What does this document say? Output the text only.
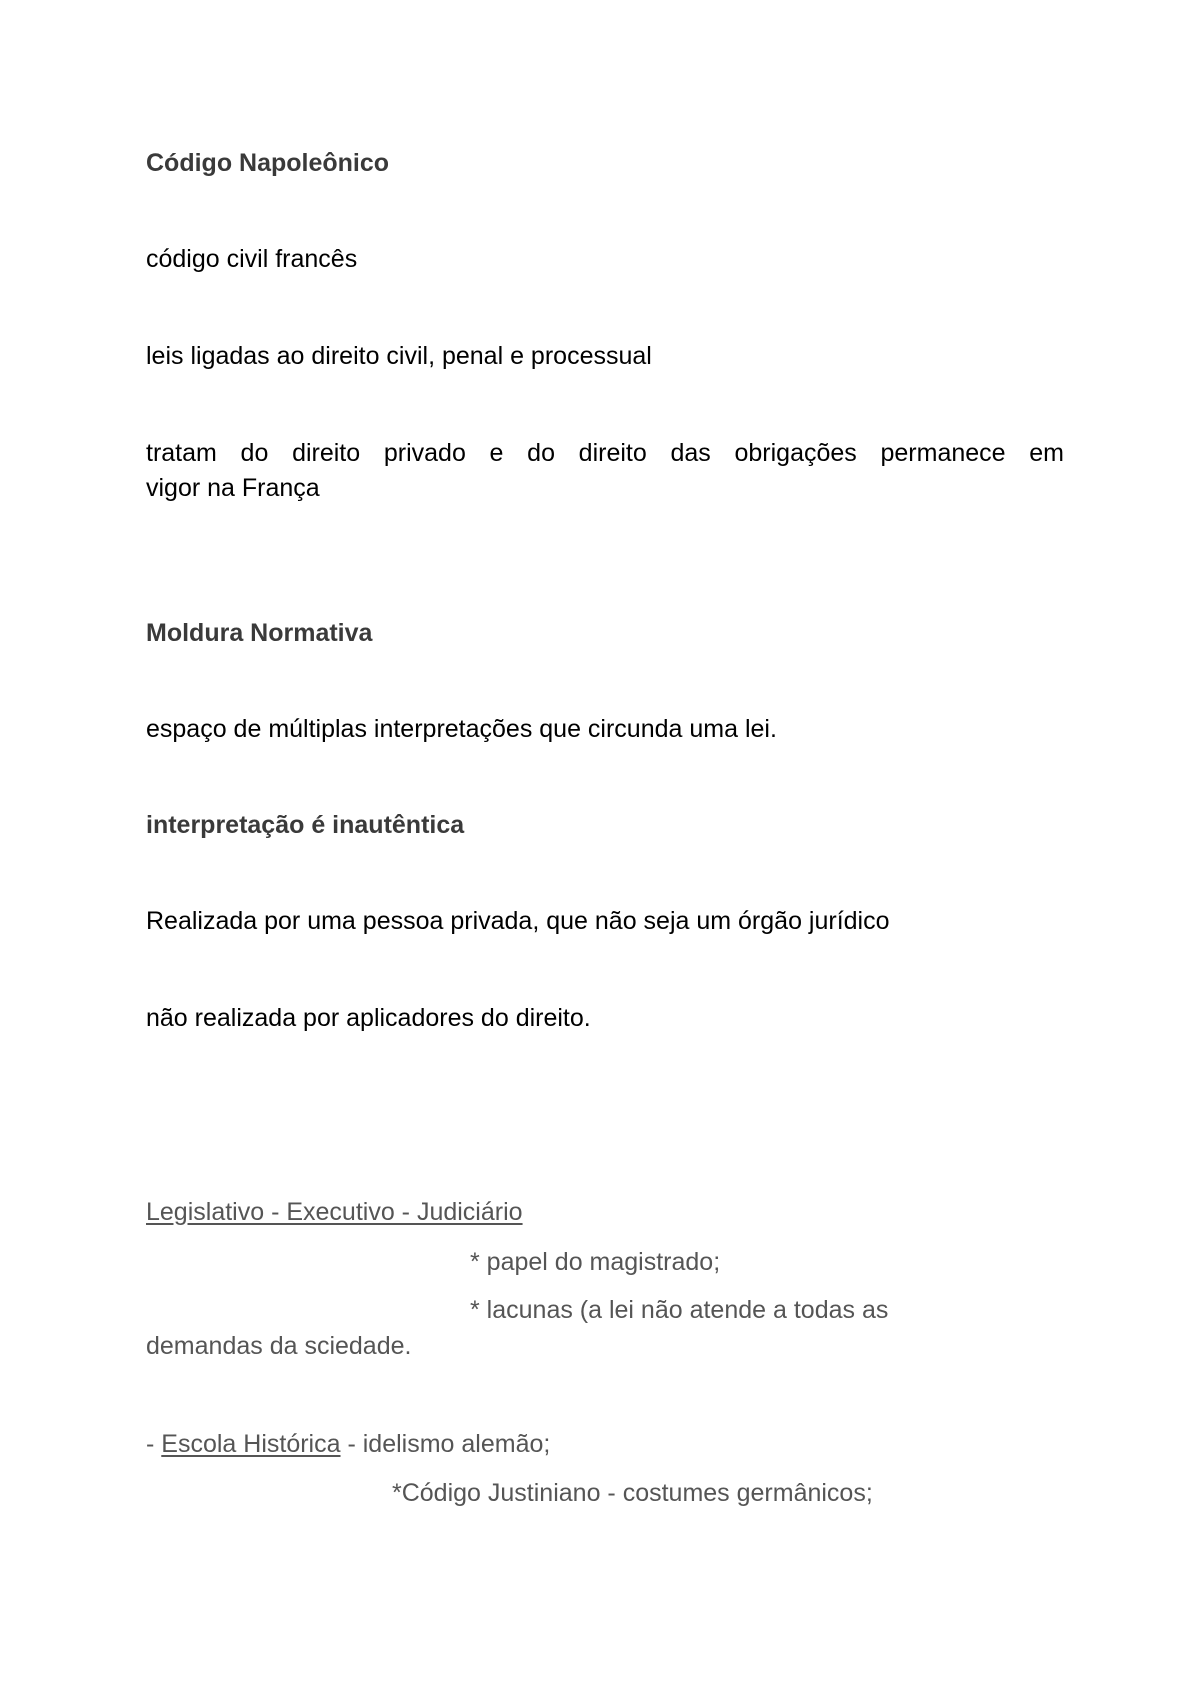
Código Napoleônico
código civil francês
leis ligadas ao direito civil, penal e processual
tratam do direito privado e do direito das obrigações permanece em
vigor na França
Moldura Normativa
espaço de múltiplas interpretações que circunda uma lei.
interpretação é inautêntica
Realizada por uma pessoa privada, que não seja um órgão jurídico
não realizada por aplicadores do direito.
Legislativo - Executivo - Judiciário
* papel do magistrado;
* lacunas (a lei não atende a todas as
demandas da sciedade.
- Escola Histórica - idelismo alemão;
*Código Justiniano - costumes germânicos;
